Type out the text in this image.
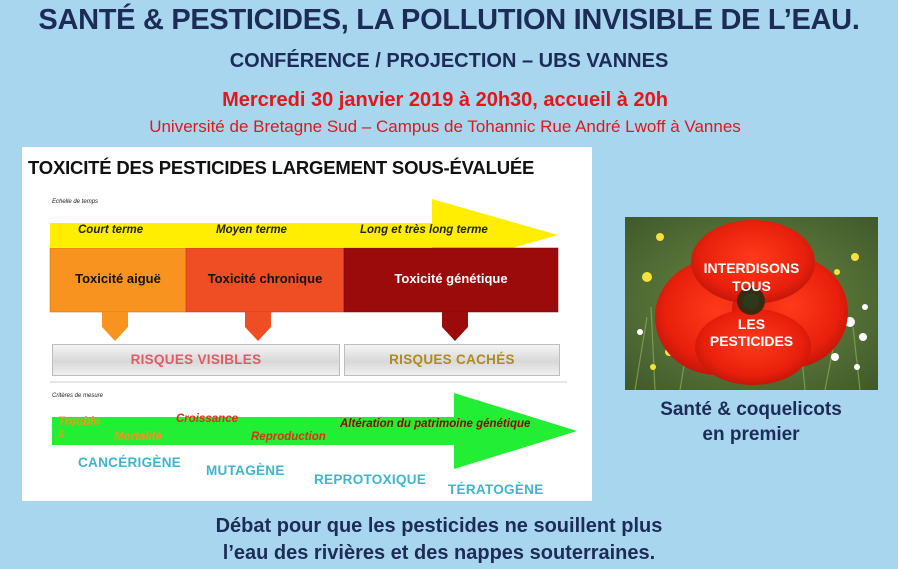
SANTÉ & PESTICIDES, LA POLLUTION INVISIBLE DE L’EAU.
CONFÉRENCE / PROJECTION – UBS VANNES
Mercredi 30 janvier 2019 à 20h30, accueil à 20h
Université de Bretagne Sud – Campus de Tohannic Rue André Lwoff à Vannes
TOXICITÉ DES PESTICIDES LARGEMENT SOUS-ÉVALUÉE
Echelle de temps
Court terme	Moyen terme	Long et très long terme
Toxicité aiguë	Toxicité chronique	Toxicité génétique
RISQUES VISIBLES	RISQUES CACHÉS
Critères de mesure
Trouble
s	Mortalité
Croissance
Reproduction
Altération du patrimoine génétique
CANCÉRIGÈNE
MUTAGÈNE
REPROTOXIQUE
TÉRATOGÈNE
INTERDISONS
TOUS
LES
PESTICIDES
Santé & coquelicots
en premier
Débat pour que les pesticides ne souillent plus
l’eau des rivières et des nappes souterraines.
